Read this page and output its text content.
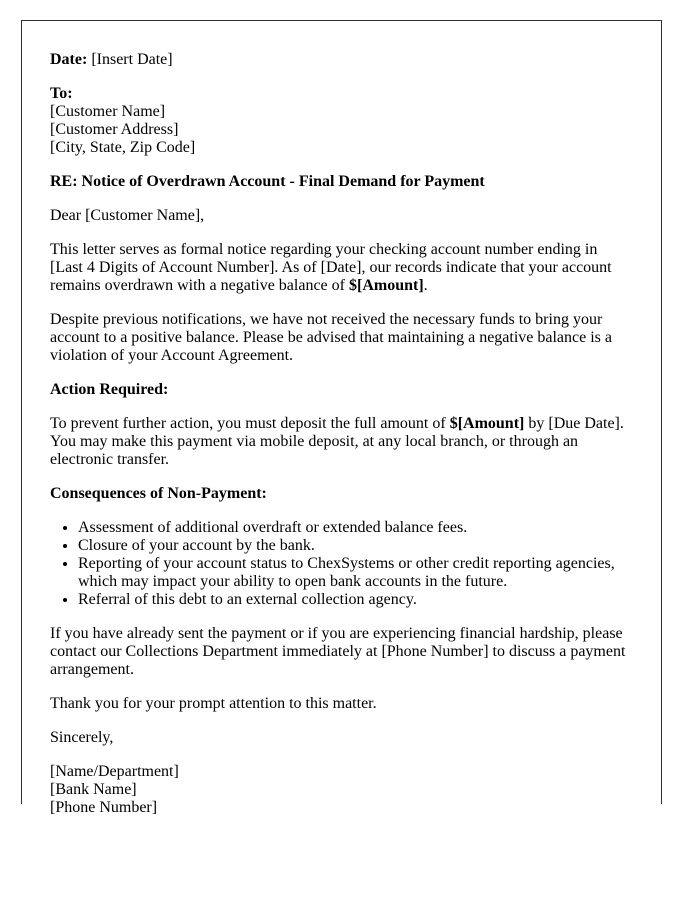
Date: [Insert Date]

To:
[Customer Name]
[Customer Address]
[City, State, Zip Code]

RE: Notice of Overdrawn Account - Final Demand for Payment

Dear [Customer Name],

This letter serves as formal notice regarding your checking account number ending in
[Last 4 Digits of Account Number]. As of [Date], our records indicate that your account
remains overdrawn with a negative balance of $[Amount].

Despite previous notifications, we have not received the necessary funds to bring your
account to a positive balance. Please be advised that maintaining a negative balance is a
violation of your Account Agreement.

Action Required:

To prevent further action, you must deposit the full amount of $[Amount] by [Due Date].
You may make this payment via mobile deposit, at any local branch, or through an
electronic transfer.

Consequences of Non-Payment:

• Assessment of additional overdraft or extended balance fees.
• Closure of your account by the bank.
• Reporting of your account status to ChexSystems or other credit reporting agencies,
which may impact your ability to open bank accounts in the future.
• Referral of this debt to an external collection agency.

If you have already sent the payment or if you are experiencing financial hardship, please
contact our Collections Department immediately at [Phone Number] to discuss a payment
arrangement.

Thank you for your prompt attention to this matter.

Sincerely,

[Name/Department]
[Bank Name]
[Phone Number]
